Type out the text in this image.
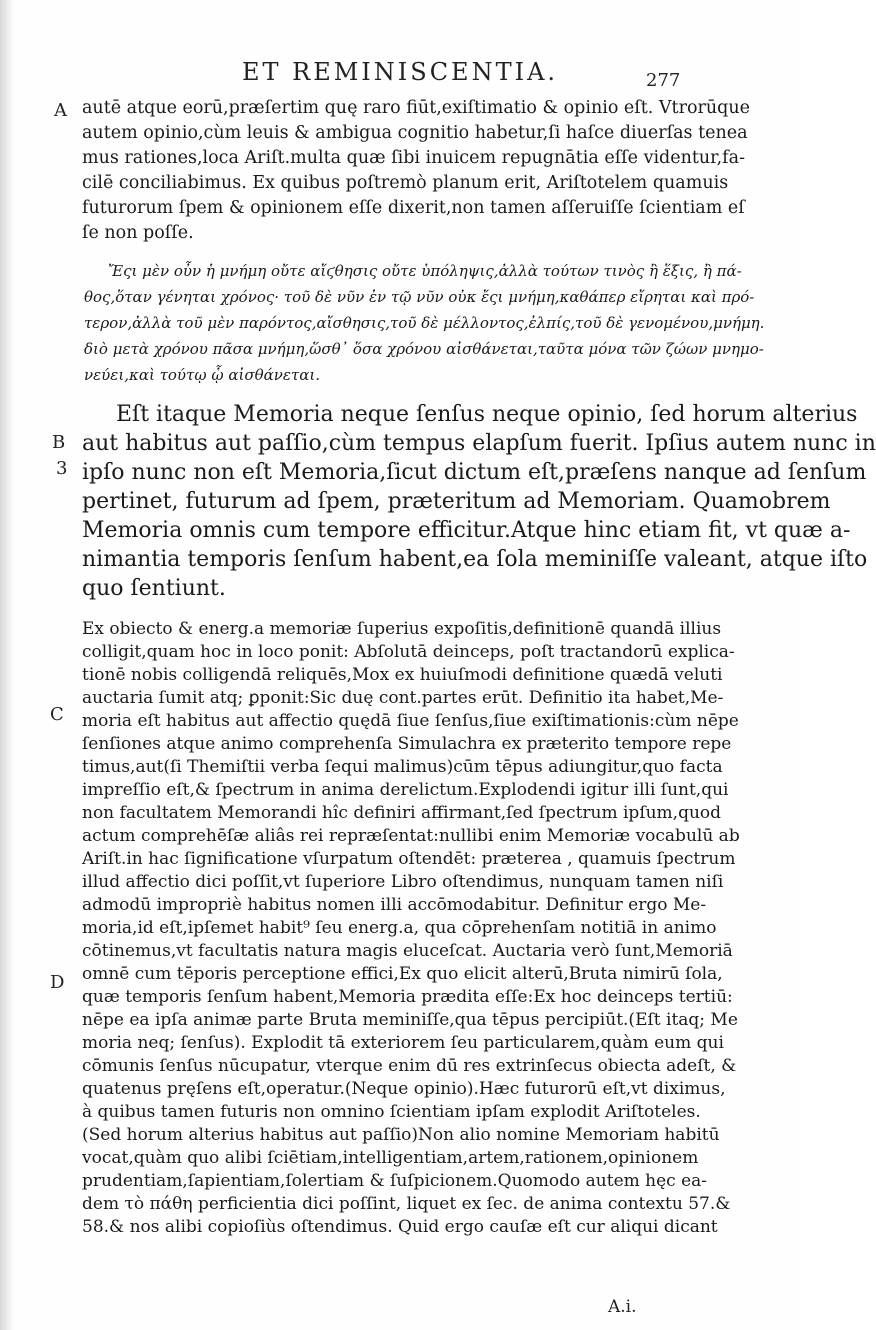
ET REMINISCENTIA.	277
A
B
3
C
D
autē atque eorū,præſertim quę raro fiūt,exiſtimatio & opinio eſt. Vtrorūque
autem opinio,cùm leuis & ambigua cognitio habetur,ſi haſce diuerſas tenea
mus rationes,loca Ariſt.multa quæ ſibi inuicem repugnātia eſſe videntur,fa-
cilē conciliabimus. Ex quibus poſtremò planum erit, Ariſtotelem quamuis
futurorum ſpem & opinionem eſſe dixerit,non tamen aſſeruiſſe ſcientiam eſ
ſe non poſſe.
Ἔςι μὲν οὖν ἡ μνήμη οὔτε αἴϛθησις οὔτε ὑπόληψις,ἀλλὰ τούτων τινὸς ἢ ἕξις, ἢ πά-
θος,ὅταν γένηται χρόνος· τοῦ δὲ νῦν ἐν τῷ νῦν οὐκ ἔςι μνήμη,καθάπερ εἴρηται καὶ πρό-
τερον,ἀλλὰ τοῦ μὲν παρόντος,αἴσθησις,τοῦ δὲ μέλλοντος,ἐλπίς,τοῦ δὲ γενομένου,μνήμη.
διὸ μετὰ χρόνου πᾶσα μνήμη,ὥσθ᾽ ὅσα χρόνου αἰσθάνεται,ταῦτα μόνα τῶν ζώων μνημο-
νεύει,καὶ τούτῳ ᾧ αἰσθάνεται.
Eſt itaque Memoria neque ſenſus neque opinio, ſed horum alterius
aut habitus aut paſſio,cùm tempus elapſum fuerit. Ipſius autem nunc in
ipſo nunc non eſt Memoria,ſicut dictum eſt,præſens nanque ad ſenſum
pertinet, futurum ad ſpem, præteritum ad Memoriam. Quamobrem
Memoria omnis cum tempore efficitur.Atque hinc etiam fit, vt quæ a-
nimantia temporis ſenſum habent,ea ſola meminiſſe valeant, atque iſto
quo ſentiunt.
Ex obiecto & energ.a memoriæ ſuperius expoſitis,definitionē quandā illius
colligit,quam hoc in loco ponit: Abſolutā deinceps, poſt tractandorū explica-
tionē nobis colligendā reliquēs,Mox ex huiuſmodi definitione quædā veluti
auctaria ſumit atq; ꝑponit:Sic duę cont.partes erūt. Definitio ita habet,Me-
moria eſt habitus aut affectio quędā ſiue ſenſus,ſiue exiſtimationis:cùm nēpe
ſenſiones atque animo comprehenſa Simulachra ex præterito tempore repe
timus,aut(ſi Themiſtii verba ſequi malimus)cūm tēpus adiungitur,quo facta
impreſſio eſt,& ſpectrum in anima derelictum.Explodendi igitur illi ſunt,qui
non facultatem Memorandi hîc definiri affirmant,ſed ſpectrum ipſum,quod
actum comprehēſæ aliâs rei repræſentat:nullibi enim Memoriæ vocabulū ab
Ariſt.in hac ſignificatione vſurpatum oſtendēt: præterea , quamuis ſpectrum
illud affectio dici poſſit,vt ſuperiore Libro oſtendimus, nunquam tamen niſi
admodū impropriè habitus nomen illi accōmodabitur. Definitur ergo Me-
moria,id eſt,ipſemet habit⁹ ſeu energ.a, qua cōprehenſam notitiā in animo
cōtinemus,vt facultatis natura magis eluceſcat. Auctaria verò ſunt,Memoriā
omnē cum tēporis perceptione effici,Ex quo elicit alterū,Bruta nimirū ſola,
quæ temporis ſenſum habent,Memoria prædita eſſe:Ex hoc deinceps tertiū:
nēpe ea ipſa animæ parte Bruta meminiſſe,qua tēpus percipiūt.(Eſt itaq; Me
moria neq; ſenſus). Explodit tā exteriorem ſeu particularem,quàm eum qui
cōmunis ſenſus nūcupatur, vterque enim dū res extrinſecus obiecta adeſt, &
quatenus pręſens eſt,operatur.(Neque opinio).Hæc futurorū eſt,vt diximus,
à quibus tamen futuris non omnino ſcientiam ipſam explodit Ariſtoteles.
(Sed horum alterius habitus aut paſſio)Non alio nomine Memoriam habitū
vocat,quàm quo alibi ſciētiam,intelligentiam,artem,rationem,opinionem
prudentiam,ſapientiam,ſolertiam & ſuſpicionem.Quomodo autem hęc ea-
dem τὸ πάθη perficientia dici poſſint, liquet ex ſec. de anima contextu 57.&
58.& nos alibi copioſiùs oſtendimus. Quid ergo cauſæ eſt cur aliqui dicant
A.i.
